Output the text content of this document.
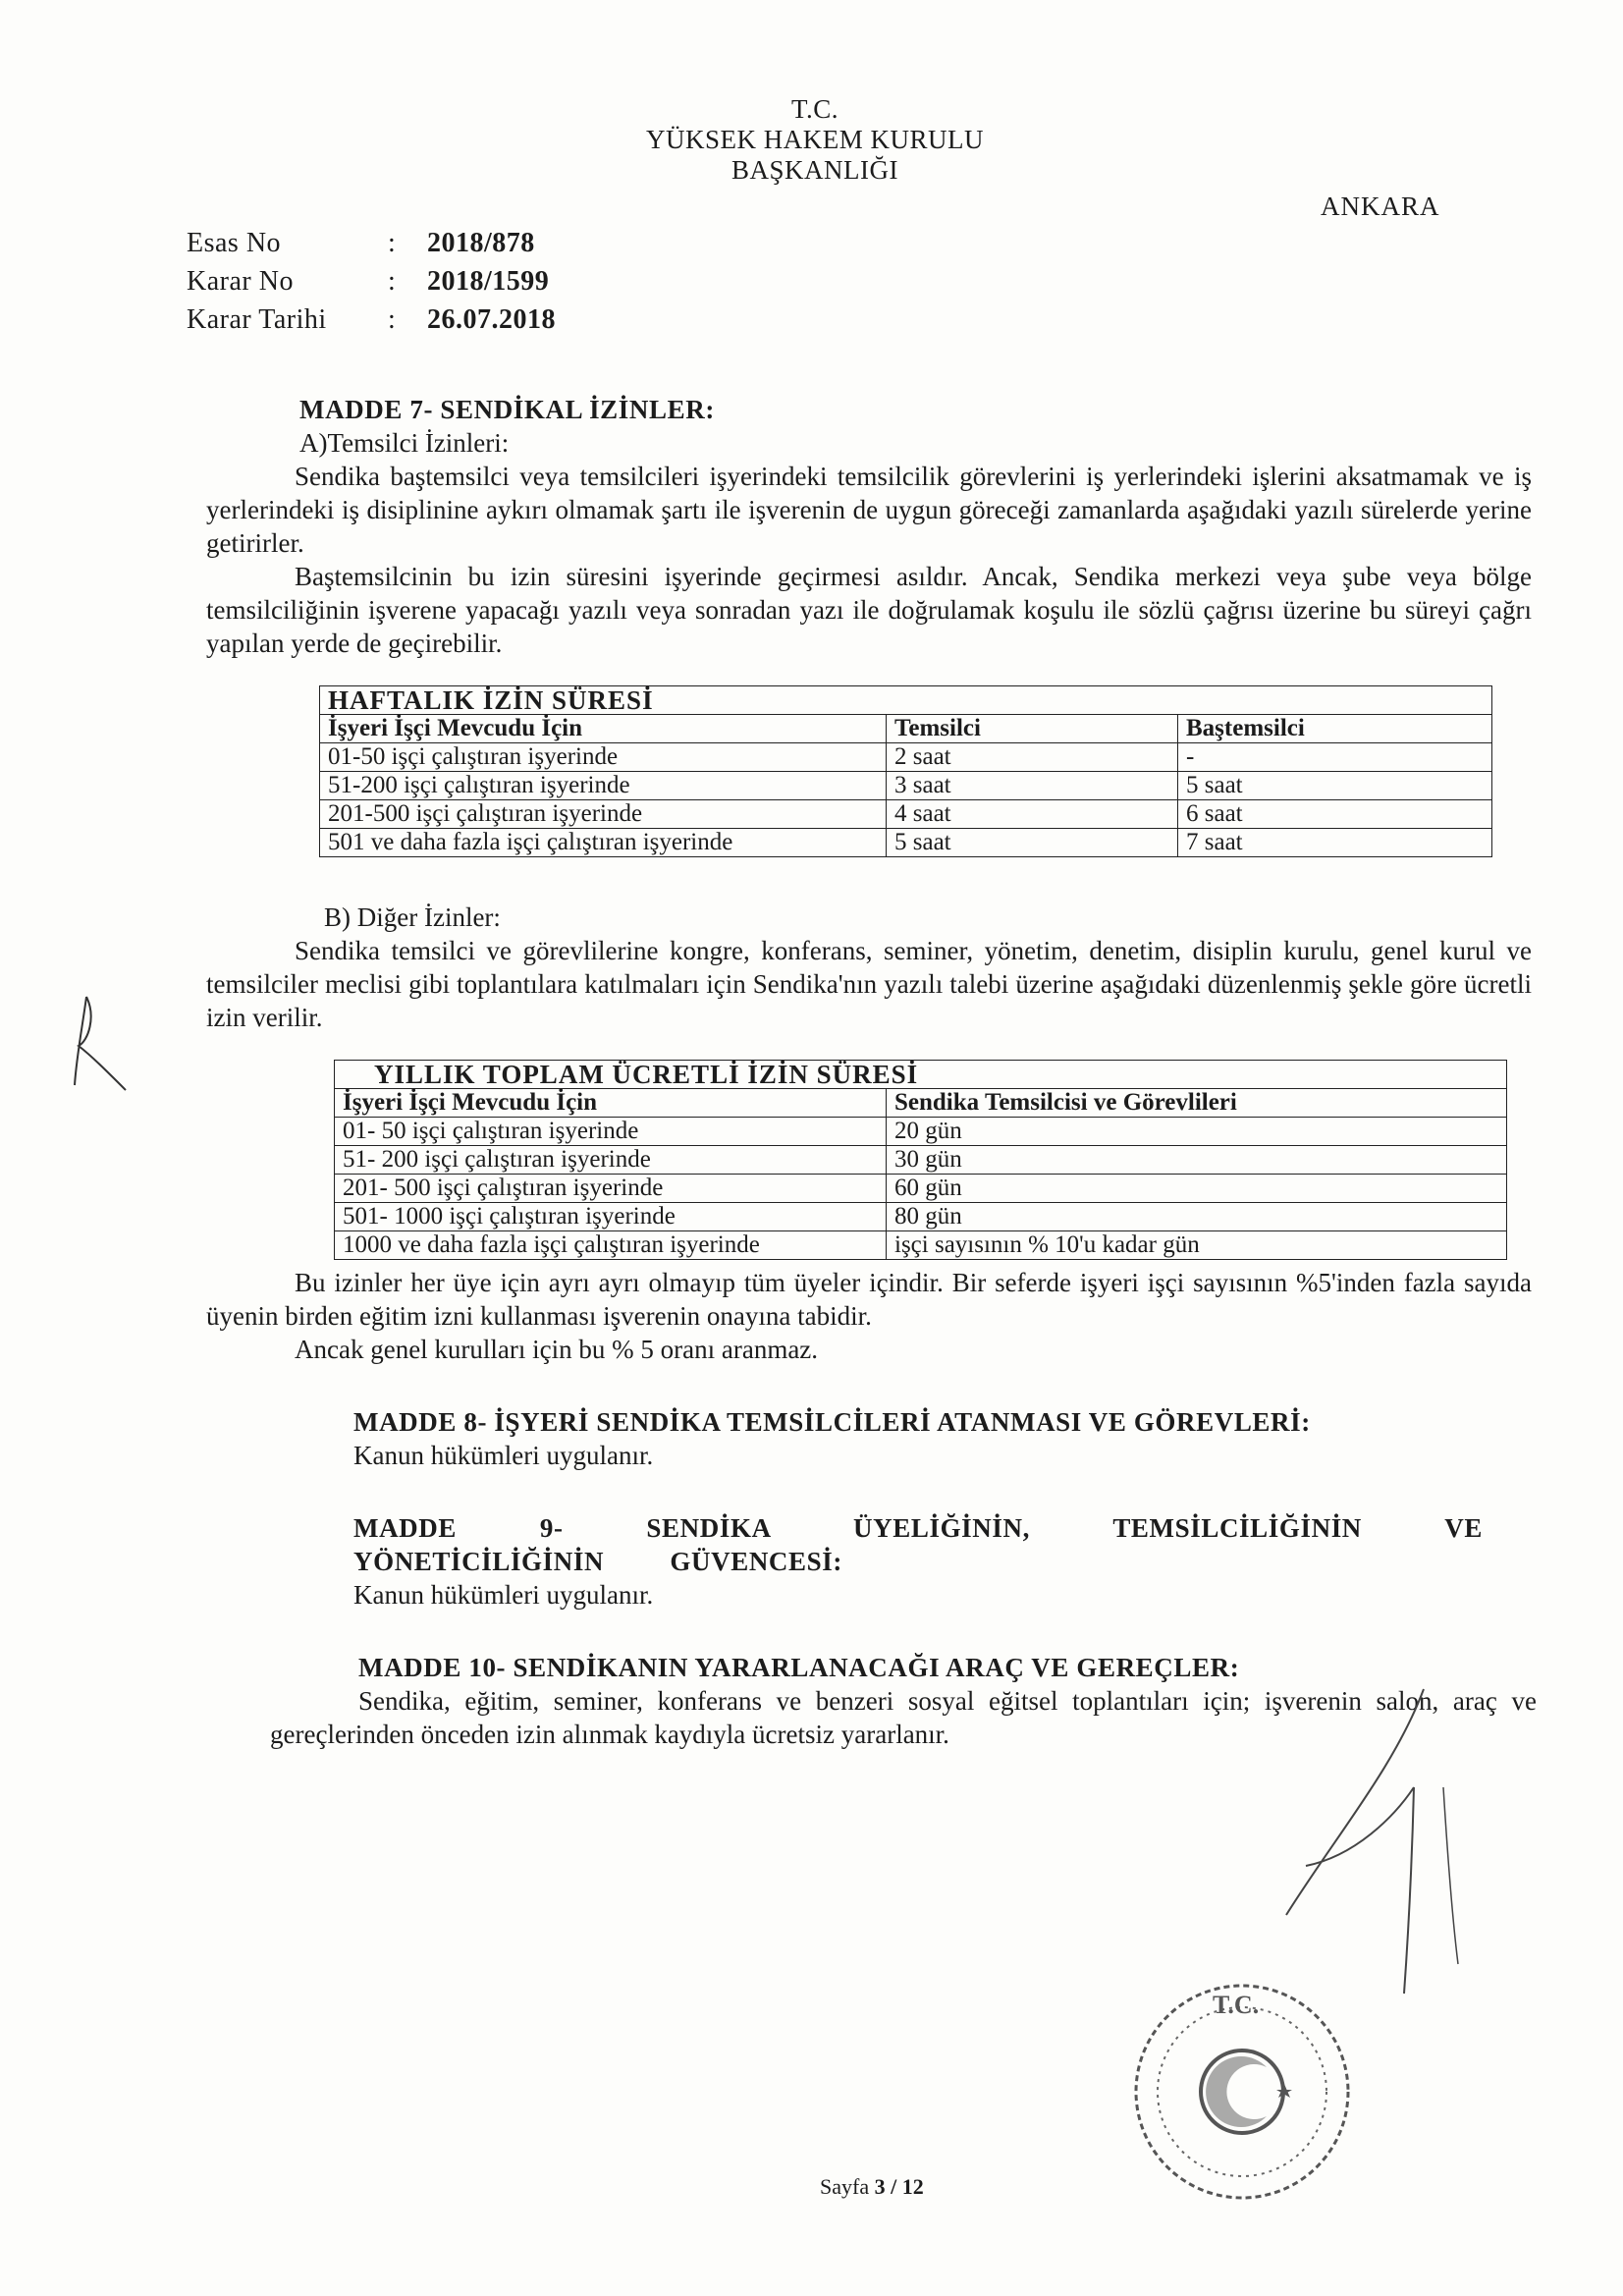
T.C.
YÜKSEK HAKEM KURULU
BAŞKANLIĞI
ANKARA
Esas No	:	2018/878
Karar No	:	2018/1599
Karar Tarihi	:	26.07.2018

MADDE 7- SENDİKAL İZİNLER:

A)Temsilci İzinleri:

Sendika baştemsilci veya temsilcileri işyerindeki temsilcilik görevlerini iş yerlerindeki işlerini aksatmamak ve iş yerlerindeki iş disiplinine aykırı olmamak şartı ile işverenin de uygun göreceği zamanlarda aşağıdaki yazılı sürelerde yerine getirirler.

Baştemsilcinin bu izin süresini işyerinde geçirmesi asıldır. Ancak, Sendika merkezi veya şube veya bölge temsilciliğinin işverene yapacağı yazılı veya sonradan yazı ile doğrulamak koşulu ile sözlü çağrısı üzerine bu süreyi çağrı yapılan yerde de geçirebilir.

HAFTALIK İZİN SÜRESİ		
İşyeri İşçi Mevcudu İçin	Temsilci	Baştemsilci
01-50 işçi çalıştıran işyerinde	2 saat	-
51-200 işçi çalıştıran işyerinde	3 saat	5 saat
201-500 işçi çalıştıran işyerinde	4 saat	6 saat
501 ve daha fazla işçi çalıştıran işyerinde	5 saat	7 saat

B) Diğer İzinler:

Sendika temsilci ve görevlilerine kongre, konferans, seminer, yönetim, denetim, disiplin kurulu, genel kurul ve temsilciler meclisi gibi toplantılara katılmaları için Sendika'nın yazılı talebi üzerine aşağıdaki düzenlenmiş şekle göre ücretli izin verilir.

YILLIK TOPLAM ÜCRETLİ İZİN SÜRESİ	
İşyeri İşçi Mevcudu İçin	Sendika Temsilcisi ve Görevlileri
01- 50 işçi çalıştıran işyerinde	20 gün
51- 200 işçi çalıştıran işyerinde	30 gün
201- 500 işçi çalıştıran işyerinde	60 gün
501- 1000 işçi çalıştıran işyerinde	80 gün
1000 ve daha fazla işçi çalıştıran işyerinde	işçi sayısının % 10'u kadar gün

Bu izinler her üye için ayrı ayrı olmayıp tüm üyeler içindir. Bir seferde işyeri işçi sayısının %5'inden fazla sayıda üyenin birden eğitim izni kullanması işverenin onayına tabidir.

Ancak genel kurulları için bu % 5 oranı aranmaz.

MADDE 8- İŞYERİ SENDİKA TEMSİLCİLERİ ATANMASI VE GÖREVLERİ:

Kanun hükümleri uygulanır.

MADDE 9- SENDİKA ÜYELİĞİNİN, TEMSİLCİLİĞİNİN VE YÖNETİCİLİĞİNİN GÜVENCESİ:

Kanun hükümleri uygulanır.

MADDE 10- SENDİKANIN YARARLANACAĞI ARAÇ VE GEREÇLER:

Sendika, eğitim, seminer, konferans ve benzeri sosyal eğitsel toplantıları için; işverenin salon, araç ve gereçlerinden önceden izin alınmak kaydıyla ücretsiz yararlanır.

T.C.
Sayfa 3 / 12
